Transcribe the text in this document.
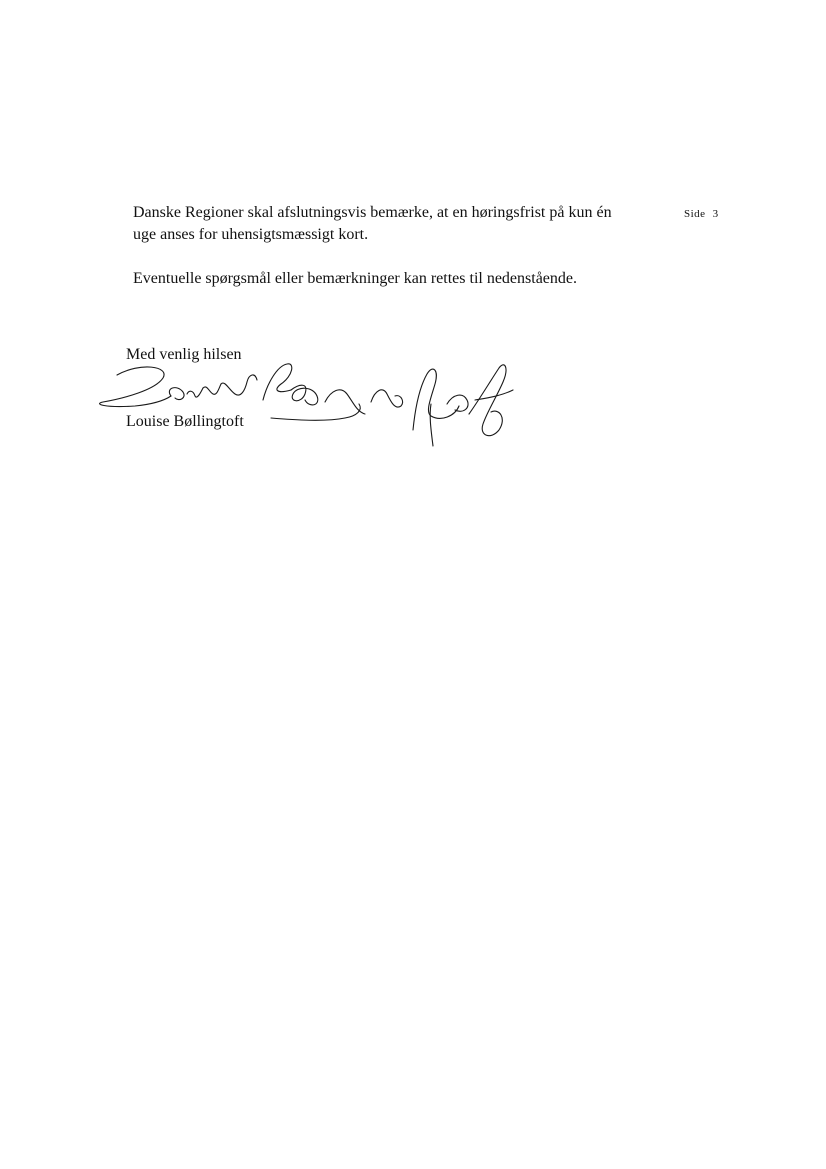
Danske Regioner skal afslutningsvis bemærke, at en høringsfrist på kun én
uge anses for uhensigtsmæssigt kort.

Side 3

Eventuelle spørgsmål eller bemærkninger kan rettes til nedenstående.

Med venlig hilsen
Louise Bøllingtoft
